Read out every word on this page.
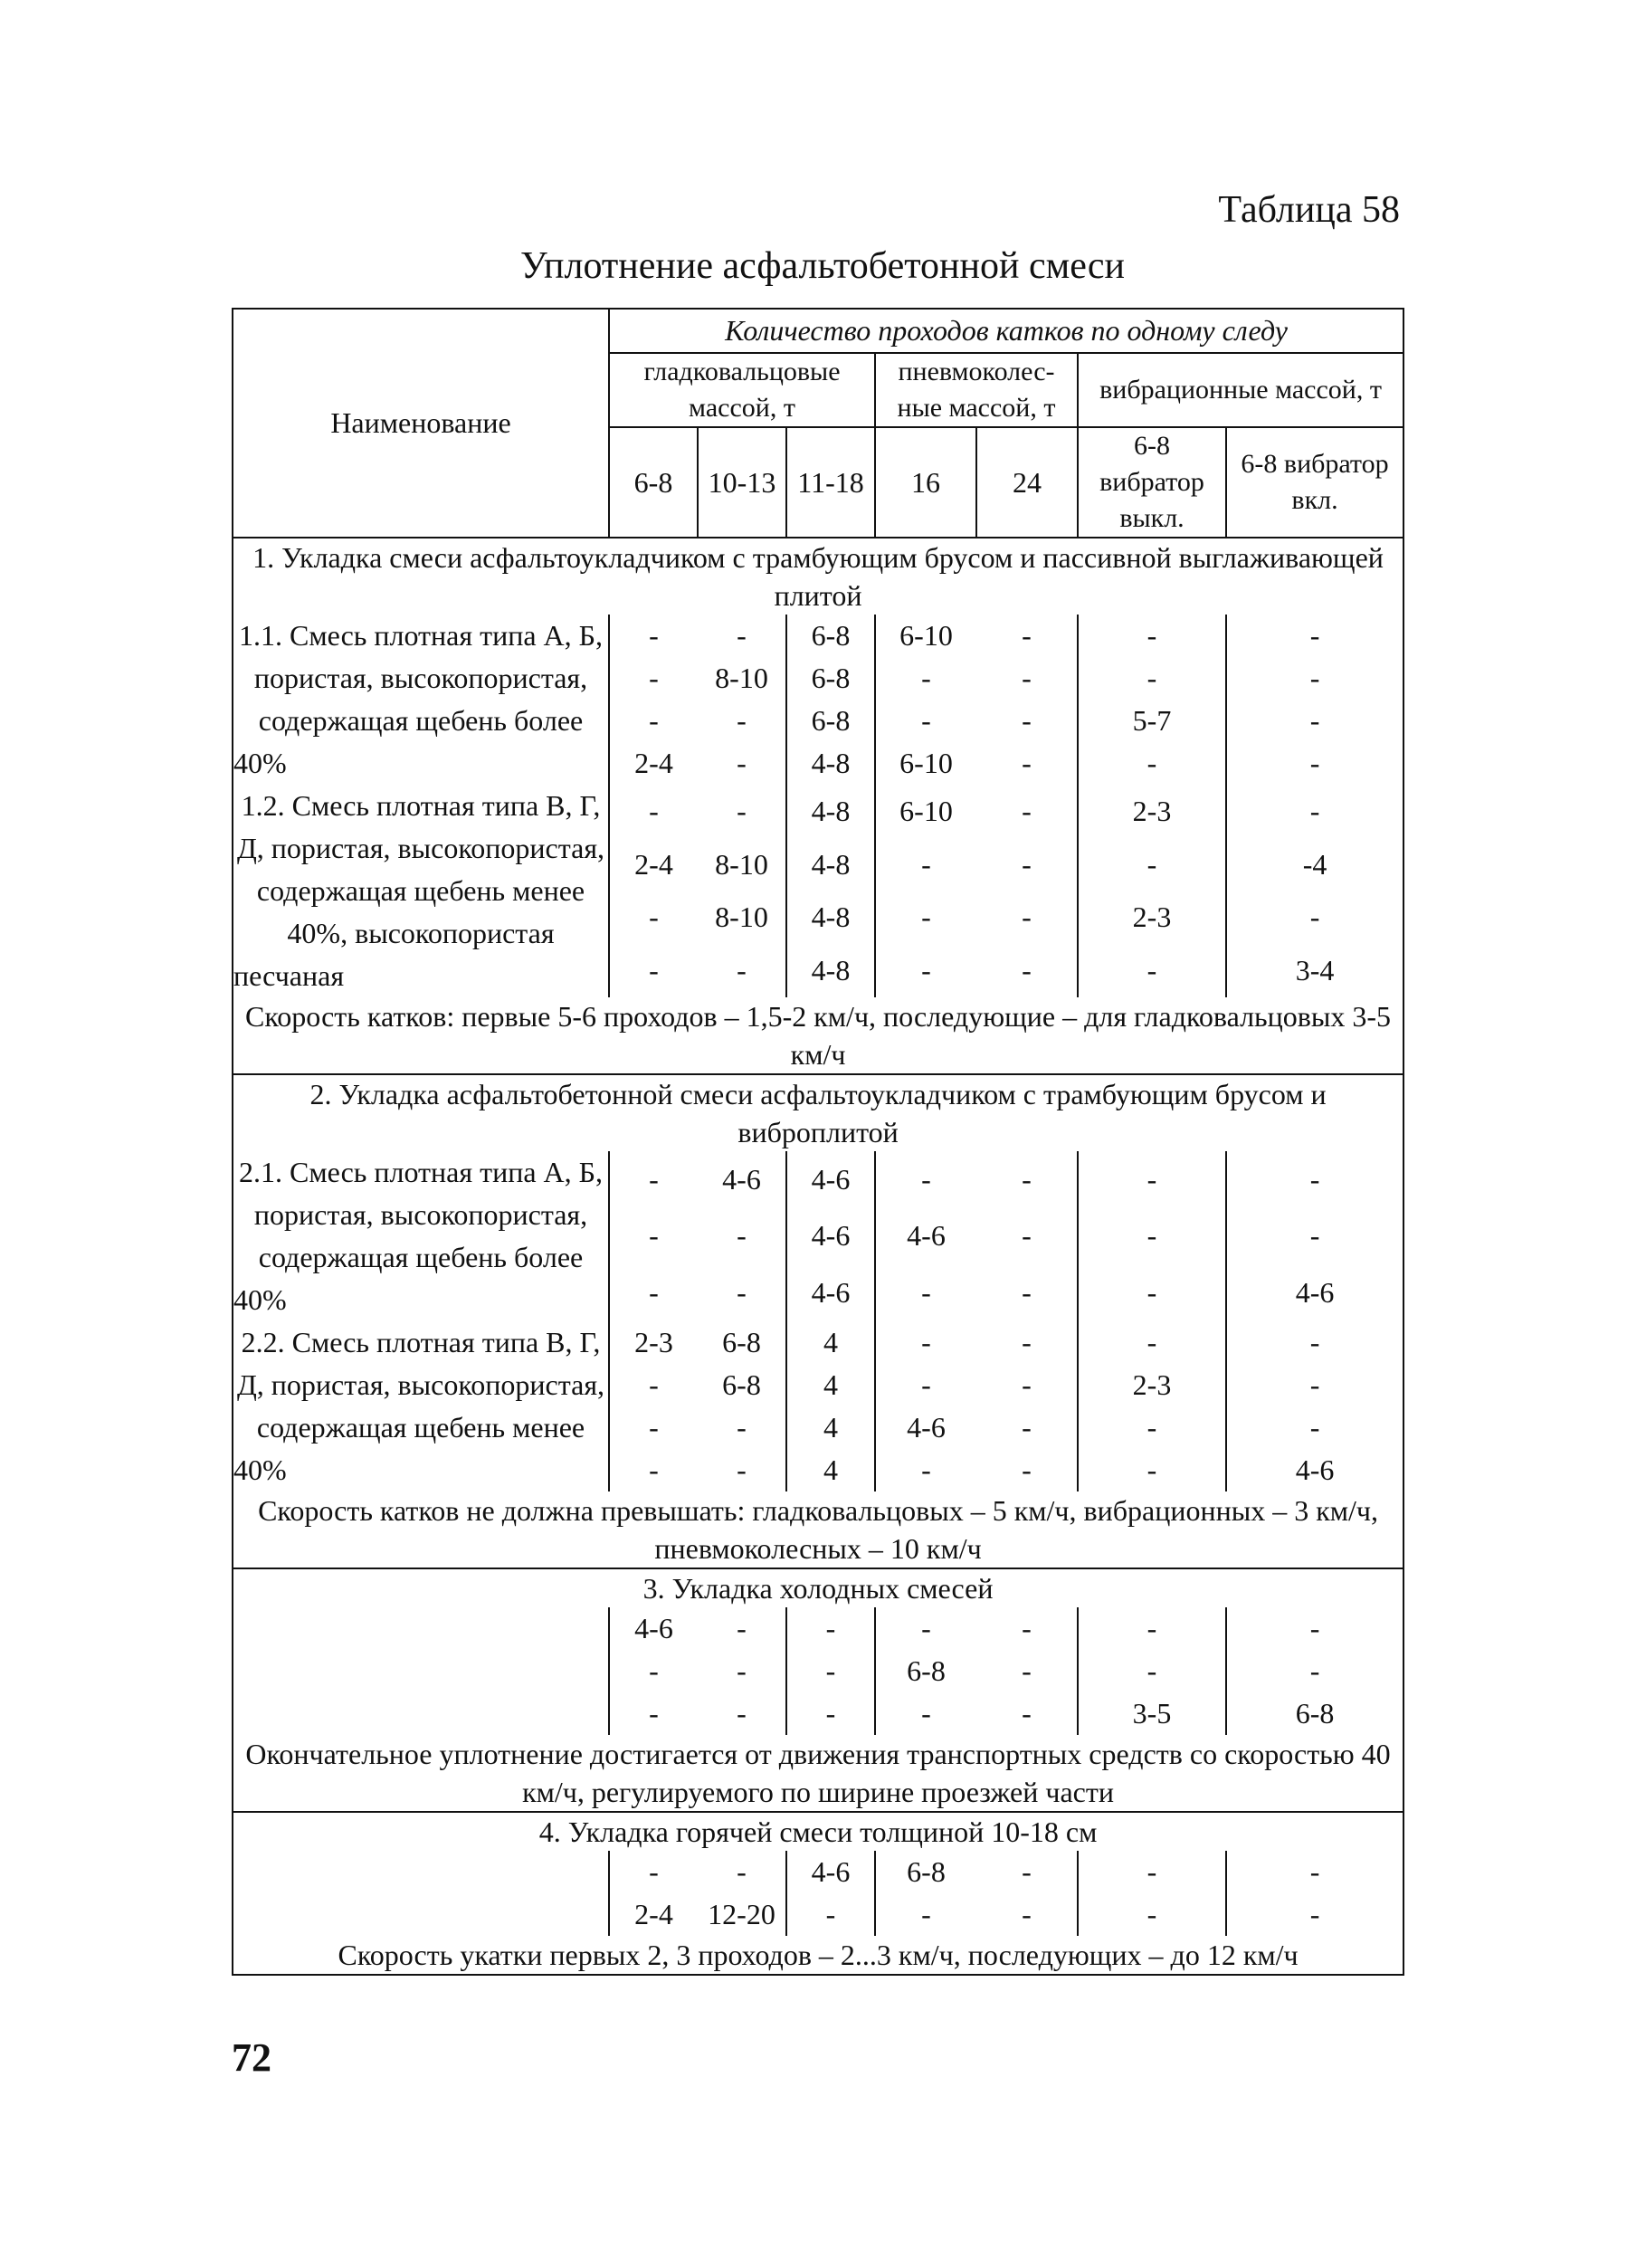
Таблица 58
Уплотнение асфальтобетонной смеси
Наименование	Количество проходов катков по одному следу						
	гладковальцовые массой, т			пневмоколес-ные массой, т		вибрационные массой, т	
	6-8	10-13	11-18	16	24	6-8 вибратор выкл.	6-8 вибратор вкл.
1. Укладка смеси асфальтоукладчиком с трамбующим брусом и пассивной выглаживающей плитой							
1.1. Смесь плотная типа А, Б, пористая, высокопористая, содержащая щебень более 40%	-	-	6-8	6-10	-	-	-
	-	8-10	6-8	-	-	-	-
	-	-	6-8	-	-	5-7	-
	2-4	-	4-8	6-10	-	-	-
1.2. Смесь плотная типа В, Г, Д, пористая, высокопористая, содержащая щебень менее 40%, высокопористая песчаная	-	-	4-8	6-10	-	2-3	-
	2-4	8-10	4-8	-	-	-	-4
	-	8-10	4-8	-	-	2-3	-
	-	-	4-8	-	-	-	3-4
Скорость катков: первые 5-6 проходов – 1,5-2 км/ч, последующие – для гладковальцовых 3-5 км/ч							
2. Укладка асфальтобетонной смеси асфальтоукладчиком с трамбующим брусом и виброплитой							
2.1. Смесь плотная типа А, Б, пористая, высокопористая, содержащая щебень более 40%	-	4-6	4-6	-	-	-	-
	-	-	4-6	4-6	-	-	-
	-	-	4-6	-	-	-	4-6
2.2. Смесь плотная типа В, Г, Д, пористая, высокопористая, содержащая щебень менее 40%	2-3	6-8	4	-	-	-	-
	-	6-8	4	-	-	2-3	-
	-	-	4	4-6	-	-	-
	-	-	4	-	-	-	4-6
Скорость катков не должна превышать: гладковальцовых – 5 км/ч, вибрационных – 3 км/ч, пневмоколесных – 10 км/ч							
3. Укладка холодных смесей							
	4-6	-	-	-	-	-	-
	-	-	-	6-8	-	-	-
	-	-	-	-	-	3-5	6-8
Окончательное уплотнение достигается от движения транспортных средств со скоростью 40 км/ч, регулируемого по ширине проезжей части							
4. Укладка горячей смеси толщиной 10-18 см							
	-	-	4-6	6-8	-	-	-
	2-4	12-20	-	-	-	-	-
Скорость укатки первых 2, 3 проходов – 2...3 км/ч, последующих – до 12 км/ч							
72
